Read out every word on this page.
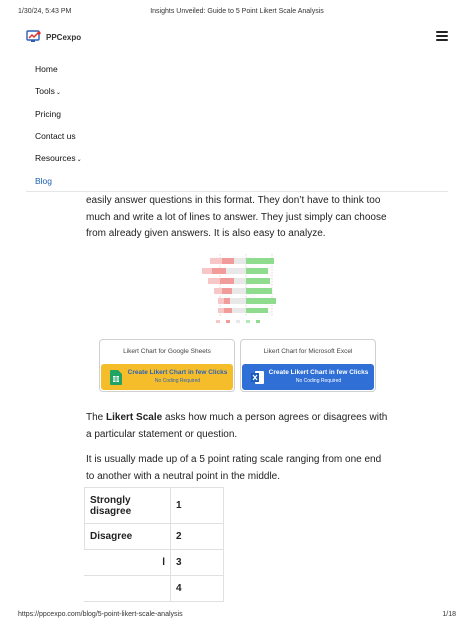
1/30/24, 5:43 PM	Insights Unveiled: Guide to 5 Point Likert Scale Analysis
PPCexpo
Home
Tools ⌄
Pricing
Contact us
Resources ⌄
Blog
easily answer questions in this format. They don’t have to think too much and write a lot of lines to answer. They just simply can choose from already given answers. It is also easy to analyze.
Likert Chart for Google Sheets
Create Likert Chart in few Clicks
No Coding Required
Likert Chart for Microsoft Excel
Create Likert Chart in few Clicks
No Coding Required
The Likert Scale asks how much a person agrees or disagrees with a particular statement or question.
It is usually made up of a 5 point rating scale ranging from one end to another with a neutral point in the middle.
Strongly disagree	1
Disagree	2
l	3
	4
https://ppcexpo.com/blog/5-point-likert-scale-analysis	1/18
